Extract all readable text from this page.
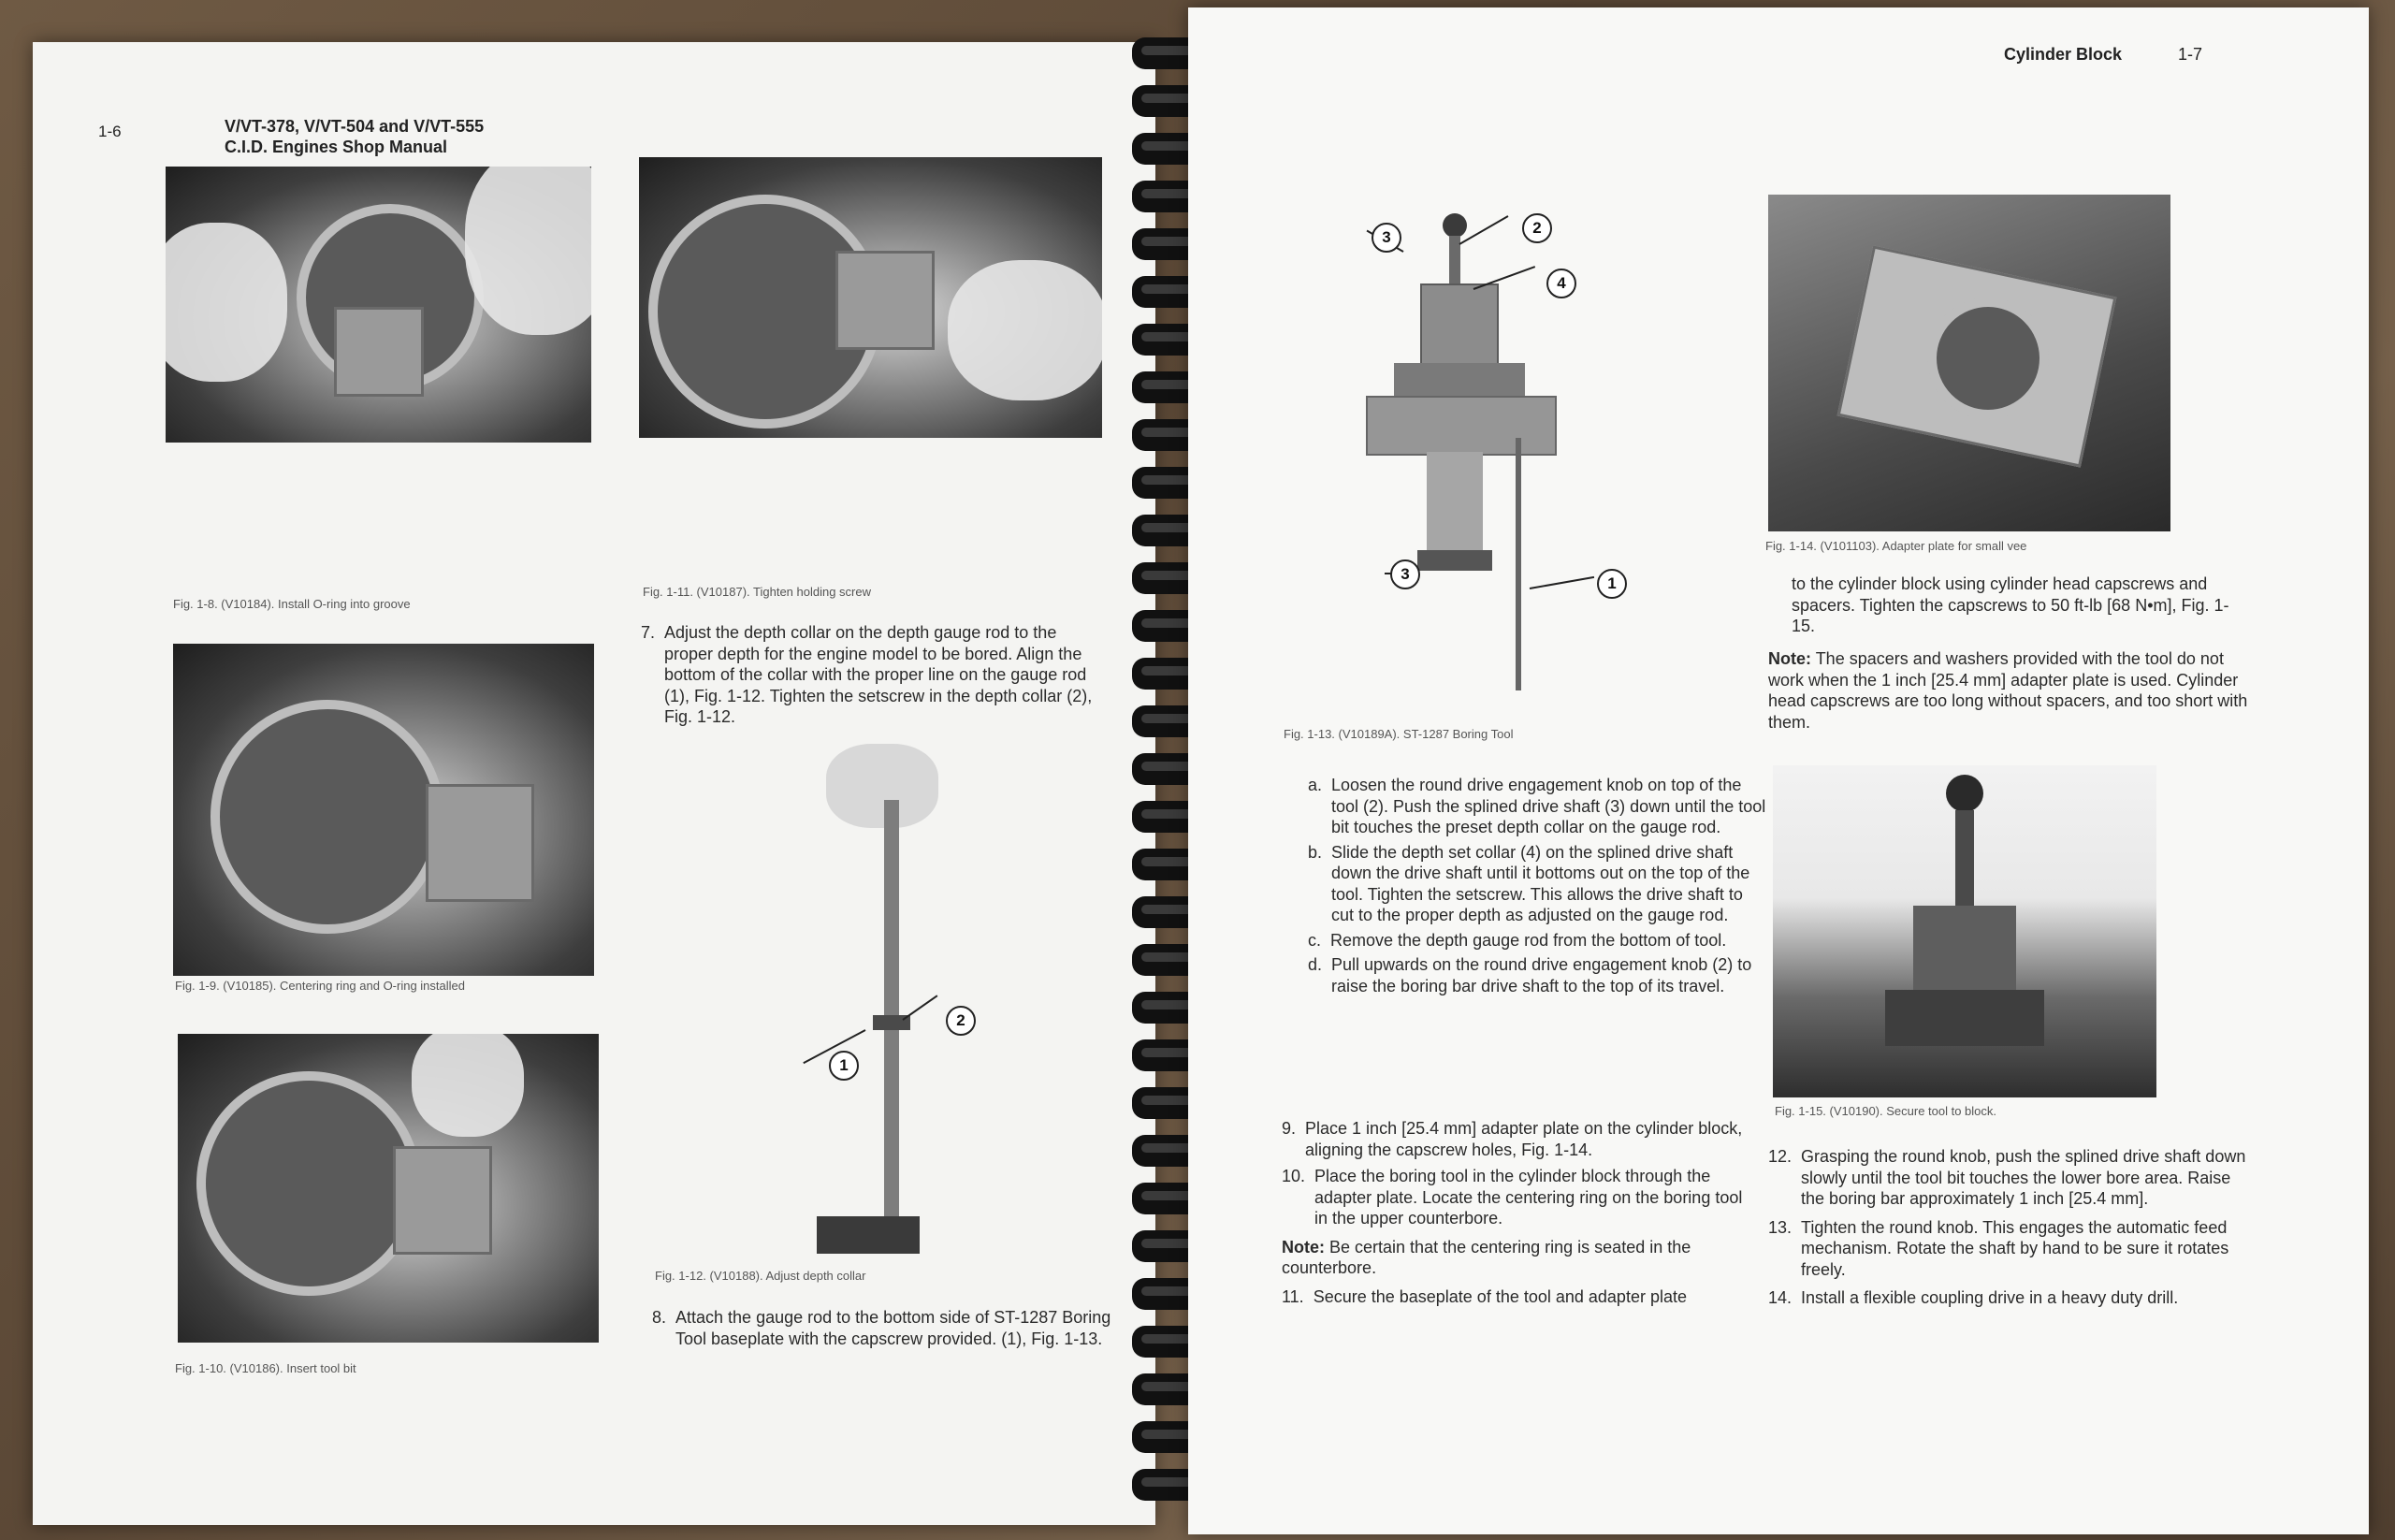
1-6	V/VT-378, V/VT-504 and V/VT-555
C.I.D. Engines Shop Manual
Fig. 1-8. (V10184). Install O-ring into groove
Fig. 1-9. (V10185). Centering ring and O-ring installed
Fig. 1-10. (V10186). Insert tool bit
Fig. 1-11. (V10187). Tighten holding screw
7. Adjust the depth collar on the depth gauge rod to the proper depth for the engine model to be bored. Align the bottom of the collar with the proper line on the gauge rod (1), Fig. 1-12. Tighten the setscrew in the depth collar (2), Fig. 1-12.
2
1
Fig. 1-12. (V10188). Adjust depth collar
8. Attach the gauge rod to the bottom side of ST-1287 Boring Tool baseplate with the capscrew provided. (1), Fig. 1-13.
Cylinder Block	1-7
3
2
4
3
1
Fig. 1-13. (V10189A). ST-1287 Boring Tool
a. Loosen the round drive engagement knob on top of the tool (2). Push the splined drive shaft (3) down until the tool bit touches the preset depth collar on the gauge rod.
b. Slide the depth set collar (4) on the splined drive shaft down the drive shaft until it bottoms out on the top of the tool. Tighten the setscrew. This allows the drive shaft to cut to the proper depth as adjusted on the gauge rod.
c. Remove the depth gauge rod from the bottom of tool.
d. Pull upwards on the round drive engagement knob (2) to raise the boring bar drive shaft to the top of its travel.
9. Place 1 inch [25.4 mm] adapter plate on the cylinder block, aligning the capscrew holes, Fig. 1-14.
10. Place the boring tool in the cylinder block through the adapter plate. Locate the centering ring on the boring tool in the upper counterbore.
Note: Be certain that the centering ring is seated in the counterbore.
11. Secure the baseplate of the tool and adapter plate
Fig. 1-14. (V101103). Adapter plate for small vee
to the cylinder block using cylinder head capscrews and spacers. Tighten the capscrews to 50 ft-lb [68 N•m], Fig. 1-15.
Note: The spacers and washers provided with the tool do not work when the 1 inch [25.4 mm] adapter plate is used. Cylinder head capscrews are too long without spacers, and too short with them.
Fig. 1-15. (V10190). Secure tool to block.
12. Grasping the round knob, push the splined drive shaft down slowly until the tool bit touches the lower bore area. Raise the boring bar approximately 1 inch [25.4 mm].
13. Tighten the round knob. This engages the automatic feed mechanism. Rotate the shaft by hand to be sure it rotates freely.
14. Install a flexible coupling drive in a heavy duty drill.
